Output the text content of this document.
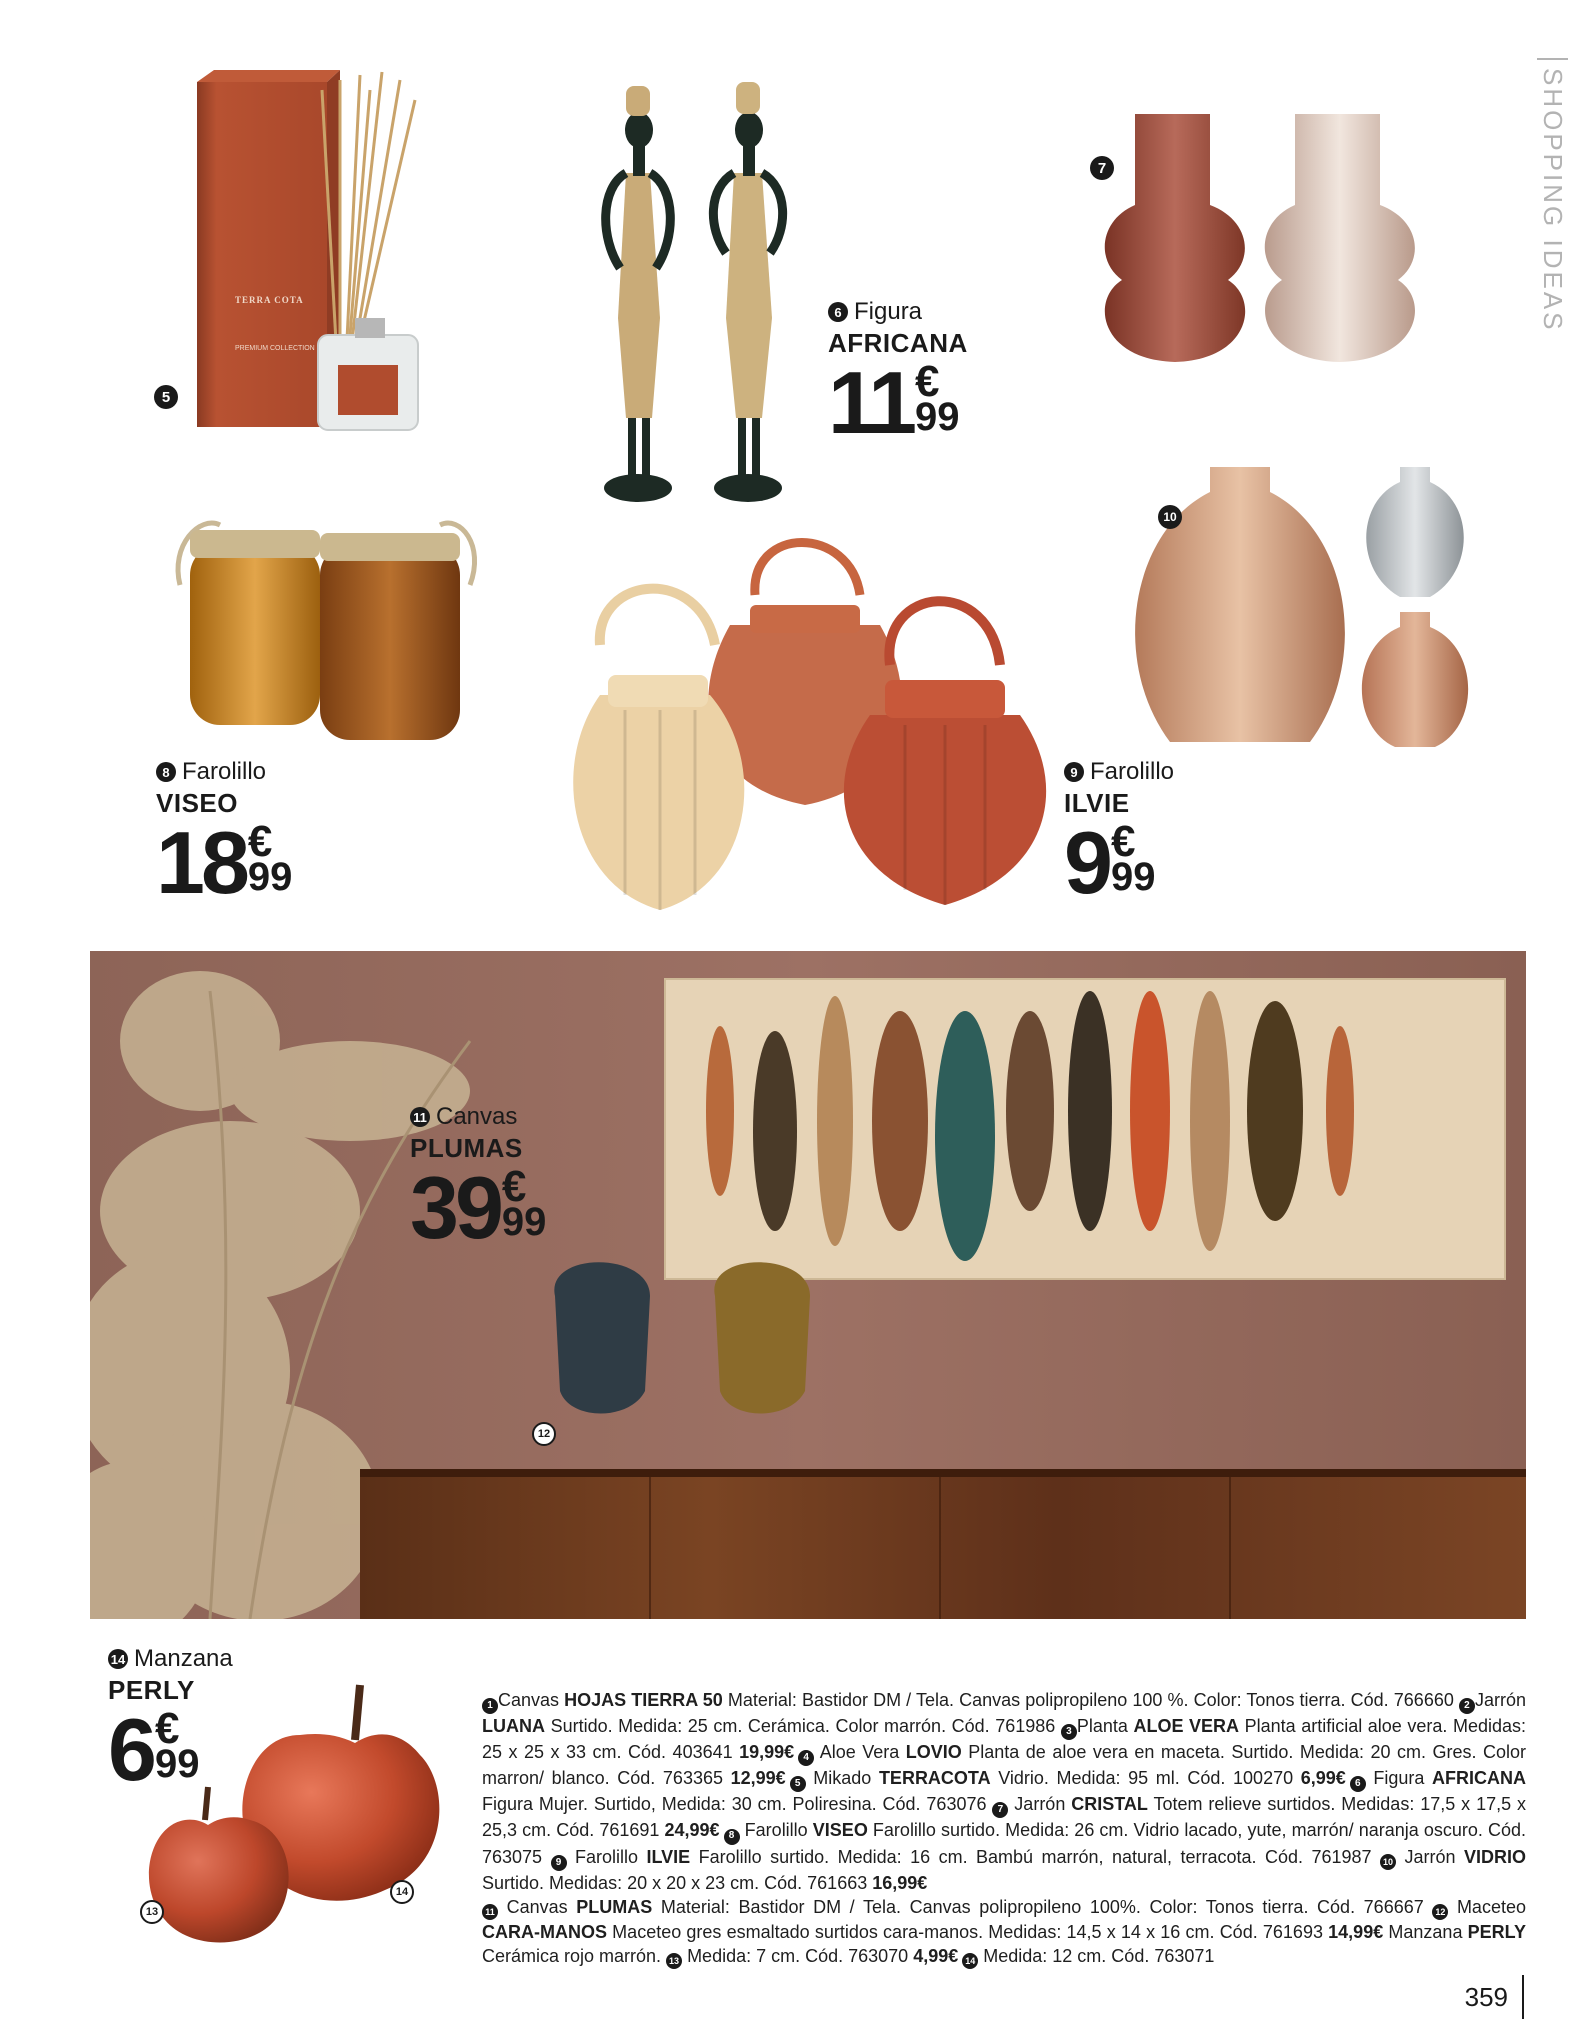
SHOPPING IDEAS
TERRA COTA
PREMIUM COLLECTION
5
6 Figura
AFRICANA
11 €
99
7
8 Farolillo
VISEO
18 €
99
9 Farolillo
ILVIE
9 €
99
10
11 Canvas
PLUMAS
39 €
99
12
14 Manzana
PERLY
6 €
99
13
14
1 Canvas HOJAS TIERRA 50 Material: Bastidor DM / Tela. Canvas polipropileno 100 %. Color: Tonos tierra. Cód. 766660 2 Jarrón LUANA Surtido. Medida: 25 cm. Cerámica. Color marrón. Cód. 761986 3 Planta ALOE VERA Planta artificial aloe vera. Medidas: 25 x 25 x 33 cm. Cód. 403641 19,99€ 4 Aloe Vera LOVIO Planta de aloe vera en maceta. Surtido. Medida: 20 cm. Gres. Color marron/ blanco. Cód. 763365 12,99€ 5 Mikado TERRACOTA Vidrio. Medida: 95 ml. Cód. 100270 6,99€ 6 Figura AFRICANA Figura Mujer. Surtido, Medida: 30 cm. Poliresina. Cód. 763076 7 Jarrón CRISTAL Totem relieve surtidos. Medidas: 17,5 x 17,5 x 25,3 cm. Cód. 761691 24,99€ 8 Farolillo VISEO Farolillo surtido. Medida: 26 cm. Vidrio lacado, yute, marrón/ naranja oscuro. Cód. 763075 9 Farolillo ILVIE Farolillo surtido. Medida: 16 cm. Bambú marrón, natural, terracota. Cód. 761987 10 Jarrón VIDRIO Surtido. Medidas: 20 x 20 x 23 cm. Cód. 761663 16,99€
11 Canvas PLUMAS Material: Bastidor DM / Tela. Canvas polipropileno 100%. Color: Tonos tierra. Cód. 766667 12 Maceteo CARA-MANOS Maceteo gres esmaltado surtidos cara-manos. Medidas: 14,5 x 14 x 16 cm. Cód. 761693 14,99€ Manzana PERLY Cerámica rojo marrón. 13 Medida: 7 cm. Cód. 763070 4,99€ 14 Medida: 12 cm. Cód. 763071
359
